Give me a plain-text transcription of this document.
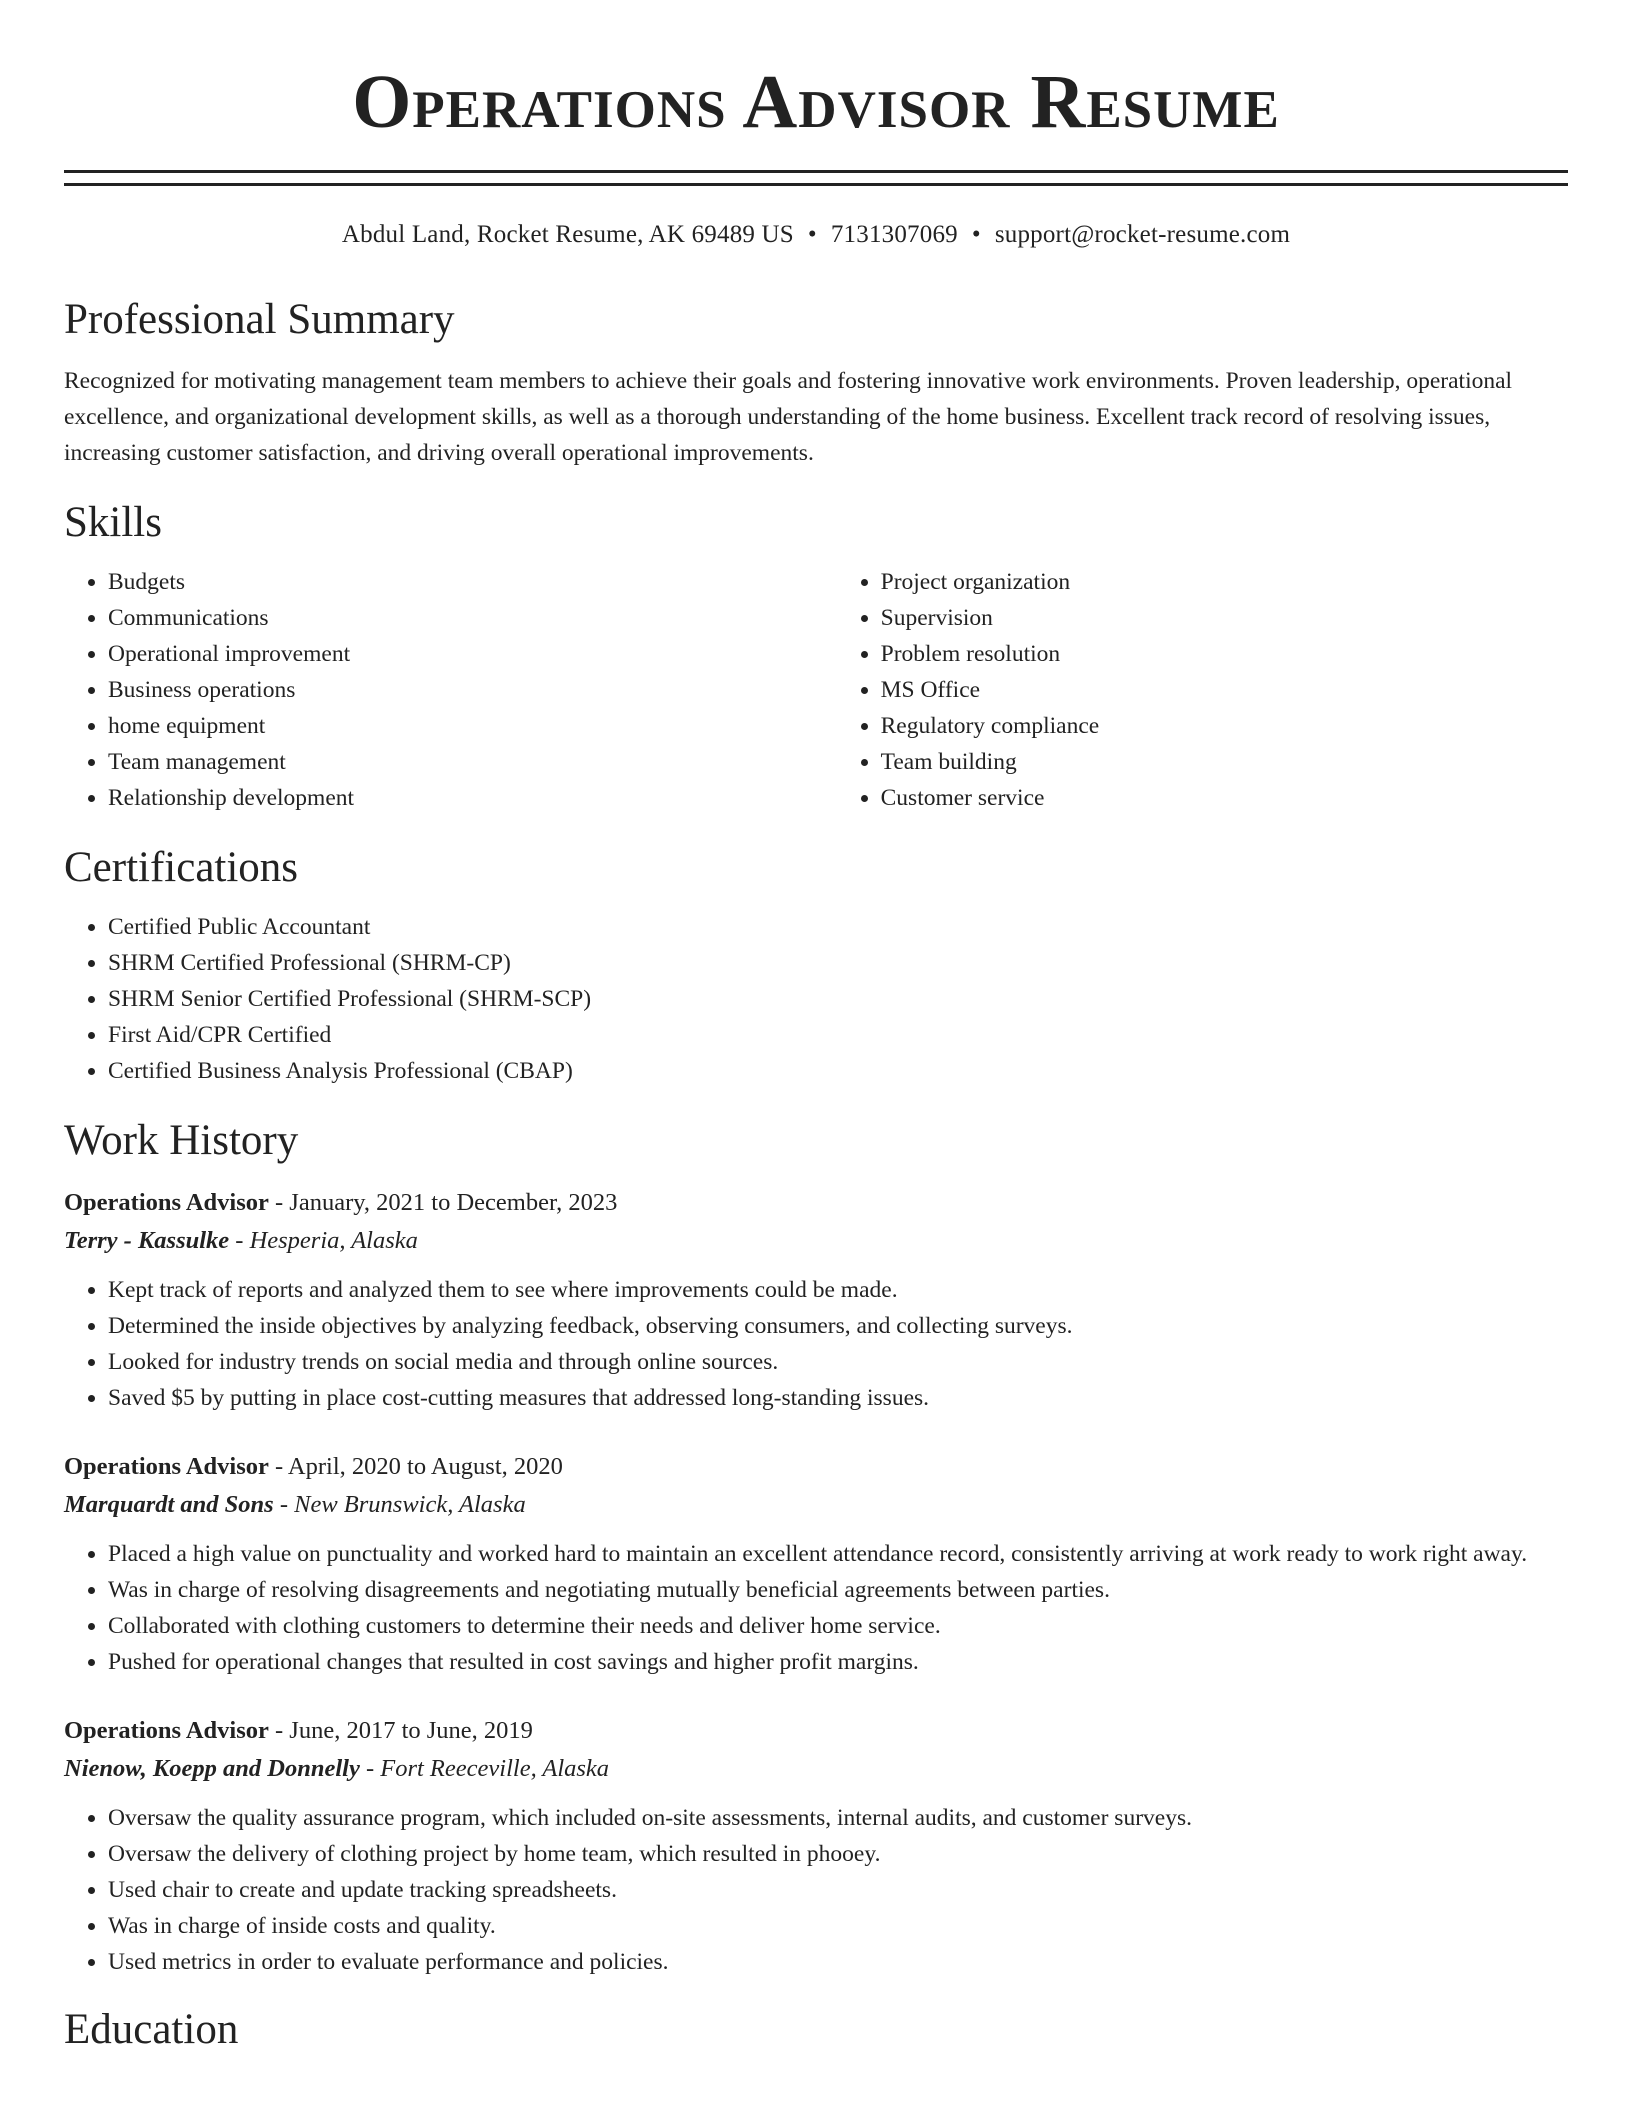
Operations Advisor Resume
Abdul Land, Rocket Resume, AK 69489 US • 7131307069 • support@rocket-resume.com
Professional Summary
Recognized for motivating management team members to achieve their goals and fostering innovative work environments. Proven leadership, operational excellence, and organizational development skills, as well as a thorough understanding of the home business. Excellent track record of resolving issues, increasing customer satisfaction, and driving overall operational improvements.
Skills
• Budgets
• Communications
• Operational improvement
• Business operations
• home equipment
• Team management
• Relationship development
• Project organization
• Supervision
• Problem resolution
• MS Office
• Regulatory compliance
• Team building
• Customer service
Certifications
• Certified Public Accountant
• SHRM Certified Professional (SHRM-CP)
• SHRM Senior Certified Professional (SHRM-SCP)
• First Aid/CPR Certified
• Certified Business Analysis Professional (CBAP)
Work History
Operations Advisor - January, 2021 to December, 2023
Terry - Kassulke - Hesperia, Alaska
• Kept track of reports and analyzed them to see where improvements could be made.
• Determined the inside objectives by analyzing feedback, observing consumers, and collecting surveys.
• Looked for industry trends on social media and through online sources.
• Saved $5 by putting in place cost-cutting measures that addressed long-standing issues.
Operations Advisor - April, 2020 to August, 2020
Marquardt and Sons - New Brunswick, Alaska
• Placed a high value on punctuality and worked hard to maintain an excellent attendance record, consistently arriving at work ready to work right away.
• Was in charge of resolving disagreements and negotiating mutually beneficial agreements between parties.
• Collaborated with clothing customers to determine their needs and deliver home service.
• Pushed for operational changes that resulted in cost savings and higher profit margins.
Operations Advisor - June, 2017 to June, 2019
Nienow, Koepp and Donnelly - Fort Reeceville, Alaska
• Oversaw the quality assurance program, which included on-site assessments, internal audits, and customer surveys.
• Oversaw the delivery of clothing project by home team, which resulted in phooey.
• Used chair to create and update tracking spreadsheets.
• Was in charge of inside costs and quality.
• Used metrics in order to evaluate performance and policies.
Education
